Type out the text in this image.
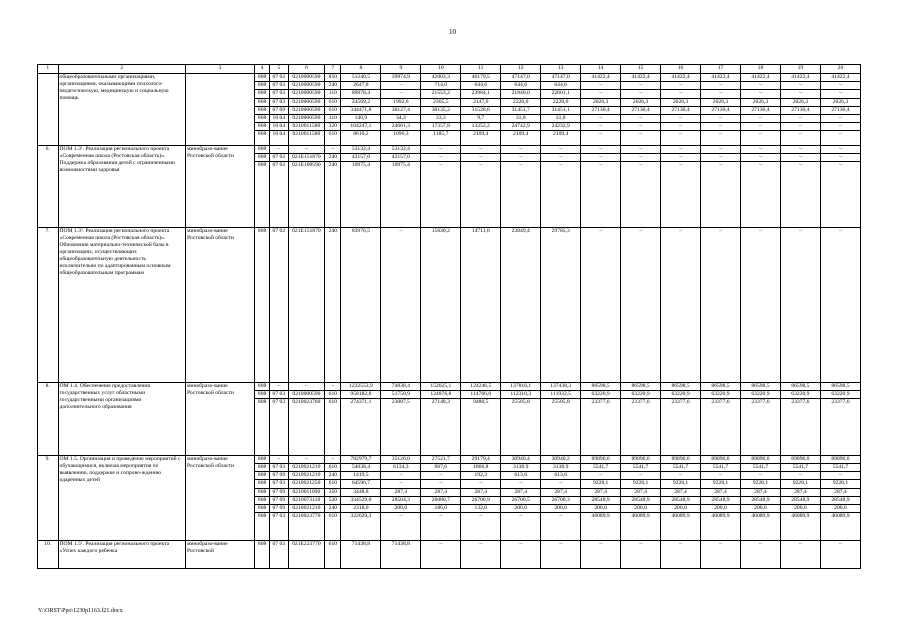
10
1	2	3	4	5	6	7	8	9	10	11	12	13	14	15	16	17	18	19	20
	общеобразовательными организациями, организациями, оказывающими психолого-педагогическую, медицинскую и социальную помощь		808	07 02	0210000590	850	51240,5	39974,9	42003,3	46179,5	47147,0	47147,0	41422,4	41422,4	41422,4	41422,4	41422,4	41422,4	41422,4
			808	07 03	0210000590	240	2647,8	–	714,0	644,6	644,6	644,6	–	–	–	–	–	–	–
			808	07 03	0210000590	110	89978,4	–	21553,2	23984,1	21840,0	22601,1	–	–	–	–	–	–	–
			808	07 03	0210000590	610	24569,2	1992,6	2305,5	2147,0	2220,0	2220,0	2026,3	2026,3	2026,3	2026,3	2026,3	2026,3	2026,3
			808	07 09	0210000590	610	344471,8	30127,4	30135,2	31528,6	31451,7	31451,1	27130,4	27130,4	27130,4	27130,4	27130,4	27130,4	27130,4
			808	10 04	0210000590	110	140,9	34,3	33,3	9,7	31,8	31,8	–	–	–	–	–	–	–
			808	10 04	0210011580	320	104247,1	24661,3	17357,8	13252,2	24742,9	24232,9	–	–	–	–	–	–	–
			808	10 04	0210011580	610	8610,2	1096,3	1185,7	2109,4	2109,4	2109,4	–	–	–	–	–	–	–
6.	ПОМ 1.3¹. Реализация регионального проекта «Современная школа (Ростовская область)». Поддержка образования детей с ограниченными возможностями здоровья	минобразо-вание Ростовской области	808	–	–	–	53132,4	53132,4	–	–	–	–	–	–	–	–	–	–	–
			808	07 02	021E151870	240	42157,0	42157,0	–	–	–	–	–	–	–	–	–	–	–
			808	07 02	021E100590	240	10975,4	10975,4	–	–	–	–	–	–	–	–	–	–	–
7.	ПОМ 1.3². Реализация регионального проекта «Современная школа (Ростовская область)». Обновление материально-технической базы в организациях, осуществляющих общеобразовательную деятельность исключительно по адаптированным основным общеобразовательным программам	минобразо-вание Ростовской области	808	07 02	021E151870	240	83976,5	–	15630,2	14711,6	23849,4	29785,3	–	–	–	–	–	–	–
8.	ОМ 1.4. Обеспечение предоставления государственных услуг областными государственными организациями дополнительного образования	минобразо-вание Ростовской области	808	–	–	–	1232553,9	74838,4	152025,1	124246,5	137816,1	137438,3	86598,5	86598,5	86598,5	86598,5	86598,5	86598,5	86598,5
			808	07 03	0210000590	610	958182,8	51750,9	124876,8	114766,0	112310,3	111932,5	63220,9	63220,9	63220,9	63220,9	63220,9	63220,9	63220,9
			808	07 03	0210023760	610	274371,1	23087,5	27148,3	9480,5	25505,8	25505,8	23377,6	23377,6	23377,6	23377,6	23377,6	23377,6	23377,6
9.	ОМ 1.5. Организация и проведение мероприятий с обучающимися, включая мероприятия по выявлению, поддержке и сопрово-ждению одаренных детей	минобразо-вание Ростовской области	808	–	–	–	782979,7	35126,0	27521,7	29179,4	30940,4	30940,2	89896,0	89896,0	89896,0	89896,0	89896,0	89896,0	89896,0
			808	07 03	0210021210	610	54038,4	6134,3	967,6	1866,8	3138,9	3138,9	5541,7	5541,7	5541,7	5541,7	5541,7	5541,7	5541,7
			808	07 09	0210021210	240	1419,5	–	–	192,3	613,6	613,6	–	–	–	–	–	–	–
			808	07 03	0210021250	610	64596,7	–	–	–	–	–	9228,1	9228,1	9228,1	9228,1	9228,1	9228,1	9228,1
			808	07 09	0210011090	350	3448,8	287,4	287,4	287,4	287,4	287,4	287,4	287,4	287,4	287,4	287,4	287,4	287,4
			808	07 09	0210073110	520	334529,0	28504,3	26080,7	26700,9	26700,5	26700,3	28548,9	28548,9	28548,9	28548,9	28548,9	28548,9	28548,9
			808	07 09	0210021210	240	2318,0	200,0	186,0	132,0	200,0	200,0	200,0	200,0	200,0	200,0	200,0	200,0	200,0
			808	07 03	0210023770	610	322629,3	–	–	–	–	–	46089,9	46089,9	46089,9	46089,9	46089,9	46089,9	46089,9
10.	ПОМ 1.5¹. Реализация регионального проекта «Успех каждого ребенка	минобразо-вание Ростовской	808	07 03	021E223770	610	71438,8	71438,8	–	–	–	–	–	–	–	–	–	–	–
Y:\ORST\Ppo\1230p1163.f21.docx
